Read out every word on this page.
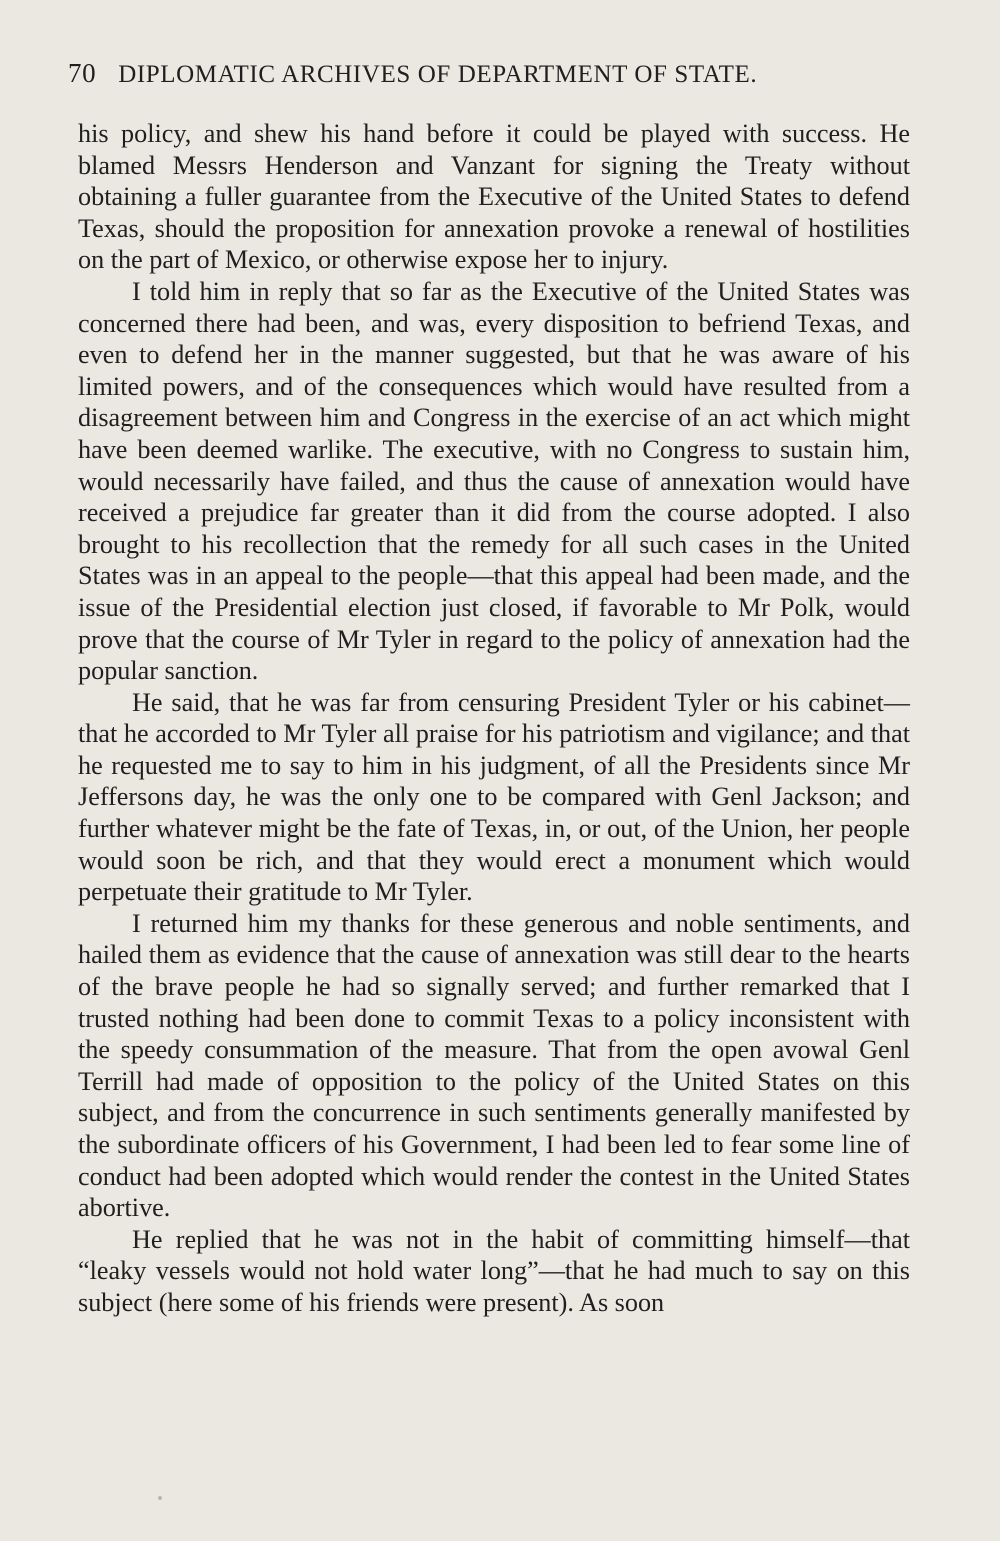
70 DIPLOMATIC ARCHIVES OF DEPARTMENT OF STATE.

his policy, and shew his hand before it could be played with success. He blamed Messrs Henderson and Vanzant for signing the Treaty without obtaining a fuller guarantee from the Executive of the United States to defend Texas, should the proposition for annexation provoke a renewal of hostilities on the part of Mexico, or otherwise expose her to injury.

I told him in reply that so far as the Executive of the United States was concerned there had been, and was, every disposition to befriend Texas, and even to defend her in the manner suggested, but that he was aware of his limited powers, and of the consequences which would have resulted from a disagreement between him and Congress in the exercise of an act which might have been deemed warlike. The executive, with no Congress to sustain him, would necessarily have failed, and thus the cause of annexation would have received a prejudice far greater than it did from the course adopted. I also brought to his recollection that the remedy for all such cases in the United States was in an appeal to the people—that this appeal had been made, and the issue of the Presidential election just closed, if favorable to Mr Polk, would prove that the course of Mr Tyler in regard to the policy of annexation had the popular sanction.

He said, that he was far from censuring President Tyler or his cabinet—that he accorded to Mr Tyler all praise for his patriotism and vigilance; and that he requested me to say to him in his judgment, of all the Presidents since Mr Jeffersons day, he was the only one to be compared with Genl Jackson; and further whatever might be the fate of Texas, in, or out, of the Union, her people would soon be rich, and that they would erect a monument which would perpetuate their gratitude to Mr Tyler.

I returned him my thanks for these generous and noble sentiments, and hailed them as evidence that the cause of annexation was still dear to the hearts of the brave people he had so signally served; and further remarked that I trusted nothing had been done to commit Texas to a policy inconsistent with the speedy consummation of the measure. That from the open avowal Genl Terrill had made of opposition to the policy of the United States on this subject, and from the concurrence in such sentiments generally manifested by the subordinate officers of his Government, I had been led to fear some line of conduct had been adopted which would render the contest in the United States abortive.

He replied that he was not in the habit of committing himself—that “leaky vessels would not hold water long”—that he had much to say on this subject (here some of his friends were present). As soon
